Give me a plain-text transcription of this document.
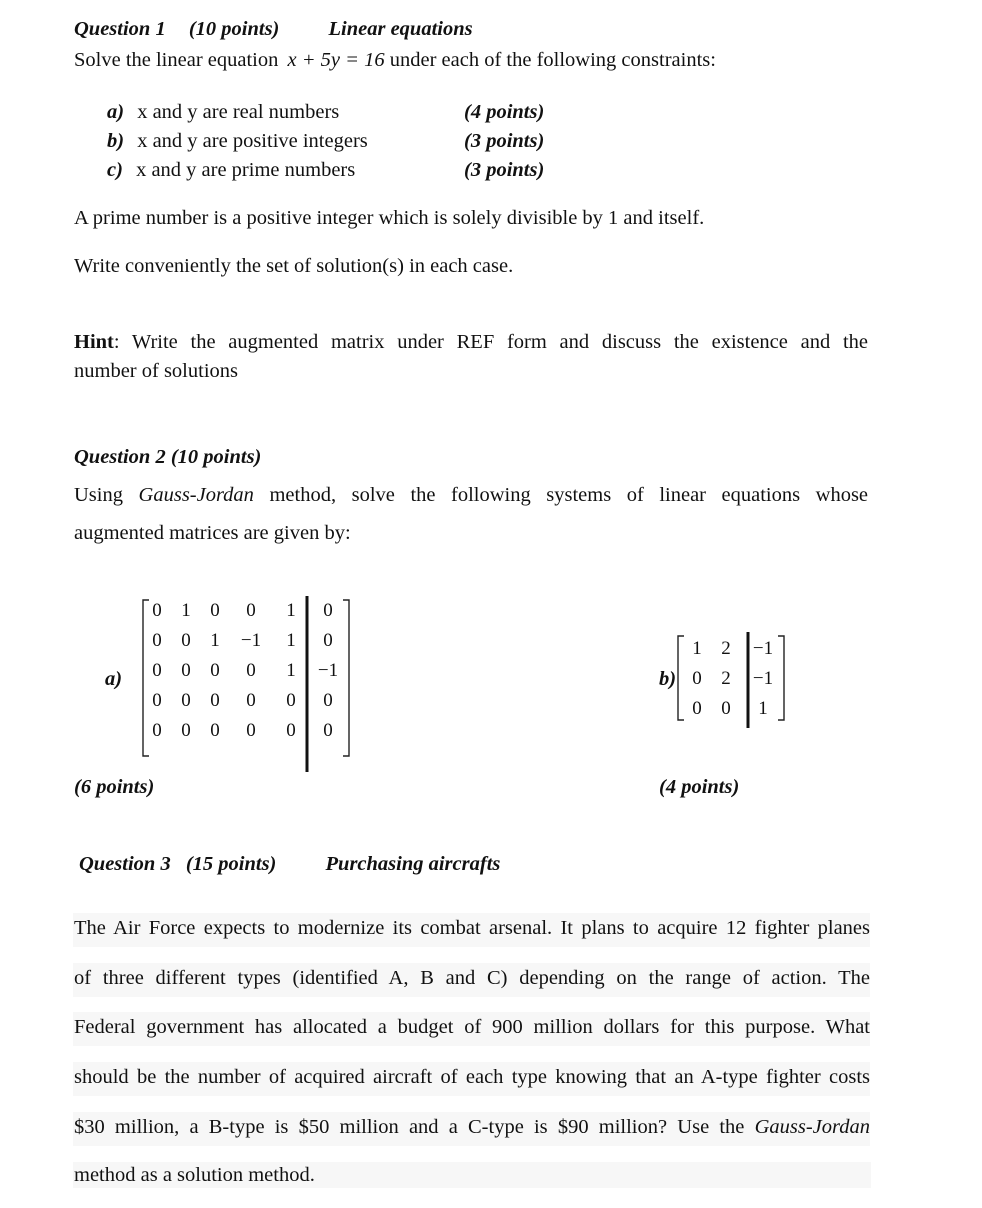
Question 1 (10 points) Linear equations
Solve the linear equation x + 5y = 16 under each of the following constraints:
a) x and y are real numbers	(4 points)
b) x and y are positive integers	(3 points)
c) x and y are prime numbers	(3 points)
A prime number is a positive integer which is solely divisible by 1 and itself.
Write conveniently the set of solution(s) in each case.
Hint: Write the augmented matrix under REF form and discuss the existence and the
number of solutions
Question 2 (10 points)
Using Gauss-Jordan method, solve the following systems of linear equations whose
augmented matrices are given by:
a)
0 1 0 0 1 0
0 0 1 −1 1 0
0 0 0 0 1 −1
0 0 0 0 0 0
0 0 0 0 0 0
(6 points)
b)
1 2 −1
0 2 −1
0 0 1
(4 points)
Question 3 (15 points) Purchasing aircrafts
The Air Force expects to modernize its combat arsenal. It plans to acquire 12 fighter planes
of three different types (identified A, B and C) depending on the range of action. The
Federal government has allocated a budget of 900 million dollars for this purpose. What
should be the number of acquired aircraft of each type knowing that an A-type fighter costs
$30 million, a B-type is $50 million and a C-type is $90 million? Use the Gauss-Jordan
method as a solution method.
